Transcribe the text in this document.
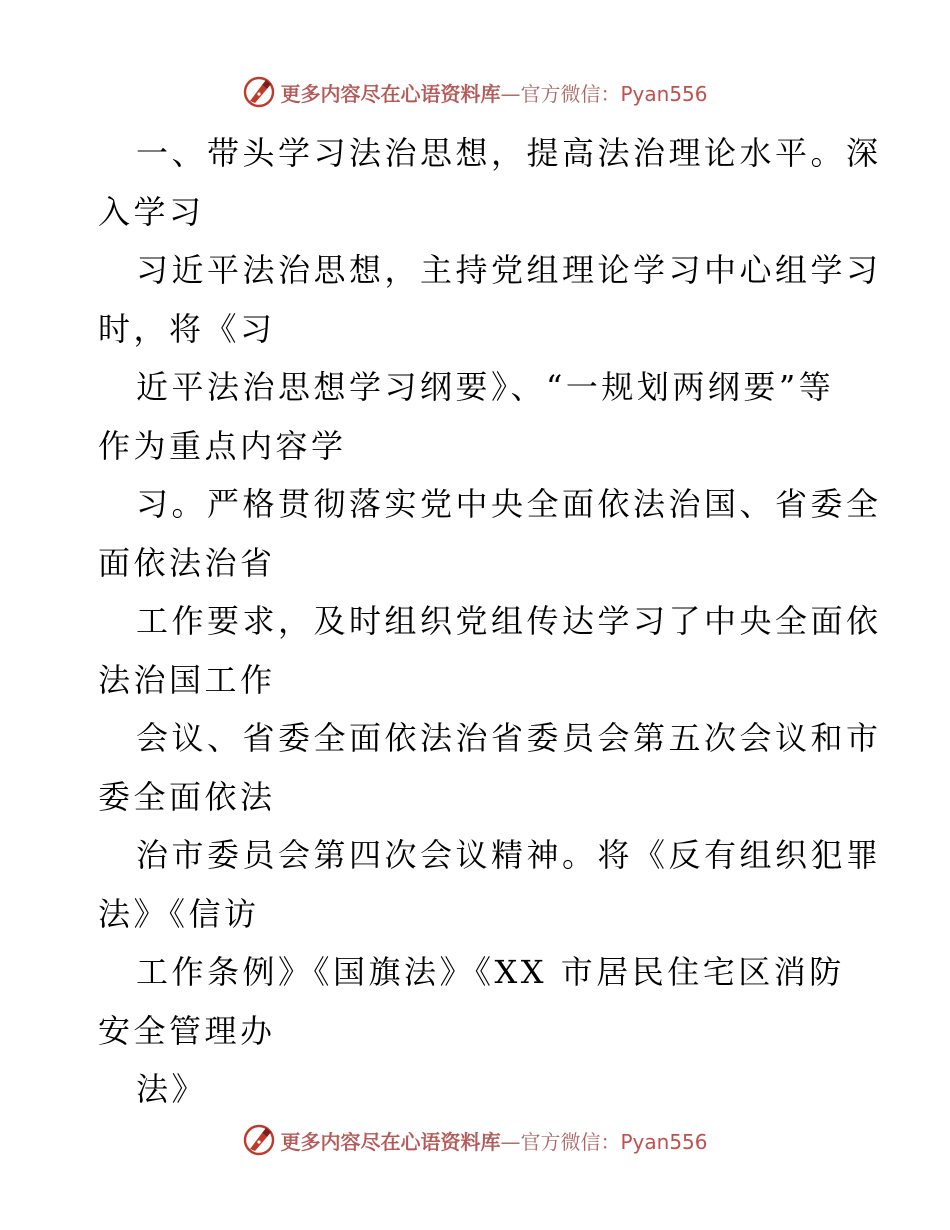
更多内容尽在心语资料库—官方微信：Pyan556
一、带头学习法治思想，提高法治理论水平。深
入学习
习近平法治思想，主持党组理论学习中心组学习
时，将《习
近平法治思想学习纲要》、“一规划两纲要”等
作为重点内容学
习。严格贯彻落实党中央全面依法治国、省委全
面依法治省
工作要求，及时组织党组传达学习了中央全面依
法治国工作
会议、省委全面依法治省委员会第五次会议和市
委全面依法
治市委员会第四次会议精神。将《反有组织犯罪
法》《信访
工作条例》《国旗法》《XX 市居民住宅区消防
安全管理办
法》
更多内容尽在心语资料库—官方微信：Pyan556
